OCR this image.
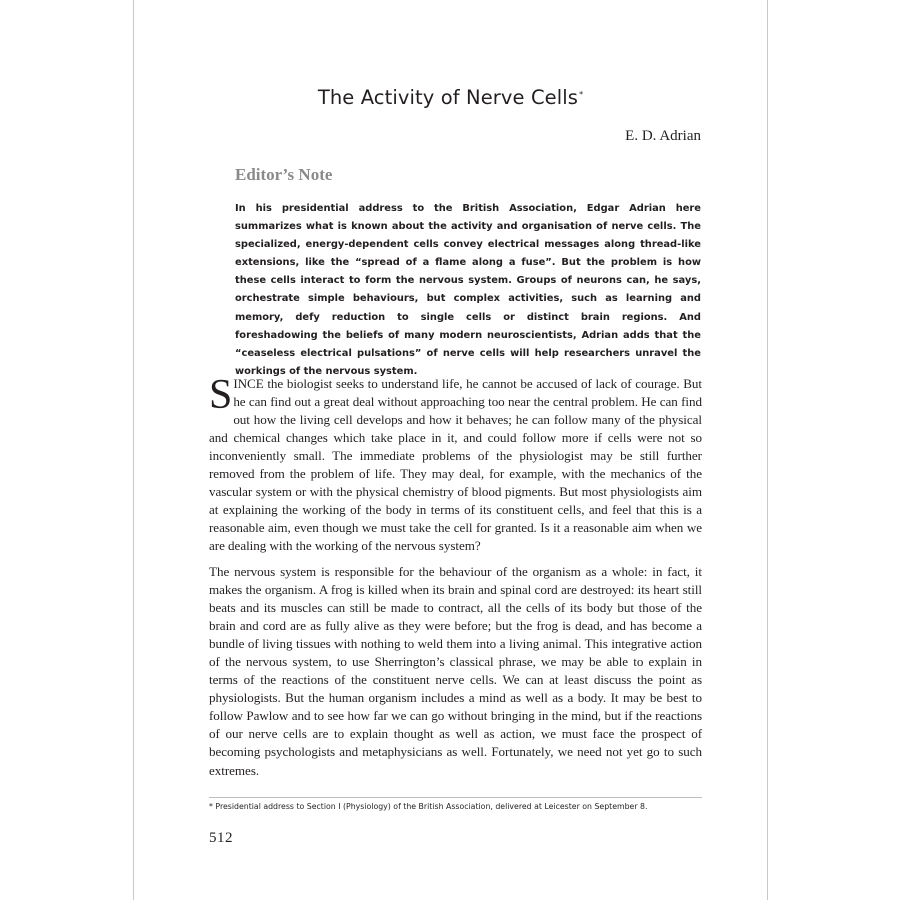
The Activity of Nerve Cells*
E. D. Adrian
Editor’s Note
In his presidential address to the British Association, Edgar Adrian here summarizes what is known about the activity and organisation of nerve cells. The specialized, energy-dependent cells convey electrical messages along thread-like extensions, like the “spread of a flame along a fuse”. But the problem is how these cells interact to form the nervous system. Groups of neurons can, he says, orchestrate simple behaviours, but complex activities, such as learning and memory, defy reduction to single cells or distinct brain regions. And foreshadowing the beliefs of many modern neuroscientists, Adrian adds that the “ceaseless electrical pulsations” of nerve cells will help researchers unravel the workings of the nervous system.
SINCE the biologist seeks to understand life, he cannot be accused of lack of courage. But he can find out a great deal without approaching too near the central problem. He can find out how the living cell develops and how it behaves; he can follow many of the physical and chemical changes which take place in it, and could follow more if cells were not so inconveniently small. The immediate problems of the physiologist may be still further removed from the problem of life. They may deal, for example, with the mechanics of the vascular system or with the physical chemistry of blood pigments. But most physiologists aim at explaining the working of the body in terms of its constituent cells, and feel that this is a reasonable aim, even though we must take the cell for granted. Is it a reasonable aim when we are dealing with the working of the nervous system?
The nervous system is responsible for the behaviour of the organism as a whole: in fact, it makes the organism. A frog is killed when its brain and spinal cord are destroyed: its heart still beats and its muscles can still be made to contract, all the cells of its body but those of the brain and cord are as fully alive as they were before; but the frog is dead, and has become a bundle of living tissues with nothing to weld them into a living animal. This integrative action of the nervous system, to use Sherrington’s classical phrase, we may be able to explain in terms of the reactions of the constituent nerve cells. We can at least discuss the point as physiologists. But the human organism includes a mind as well as a body. It may be best to follow Pawlow and to see how far we can go without bringing in the mind, but if the reactions of our nerve cells are to explain thought as well as action, we must face the prospect of becoming psychologists and metaphysicians as well. Fortunately, we need not yet go to such extremes.
* Presidential address to Section I (Physiology) of the British Association, delivered at Leicester on September 8.
512
